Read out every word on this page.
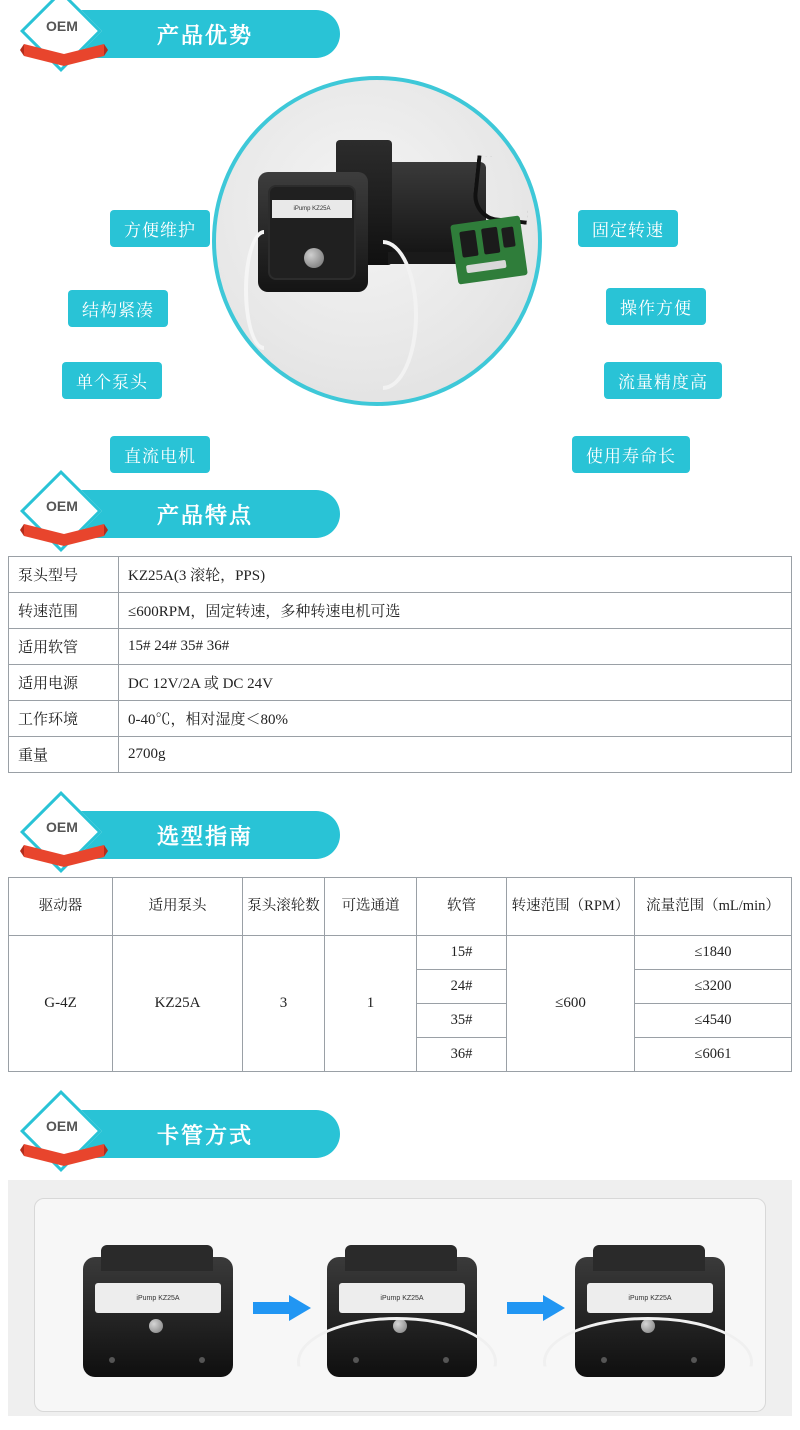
产品优势
OEM
iPump KZ25A
方便维护
结构紧凑
单个泵头
直流电机
固定转速
操作方便
流量精度高
使用寿命长
产品特点
OEM
泵头型号	KZ25A(3 滚轮，PPS)
转速范围	≤600RPM，固定转速，多种转速电机可选
适用软管	15# 24# 35# 36#
适用电源	DC 12V/2A 或 DC 24V
工作环境	0-40℃，相对湿度＜80%
重量	2700g
选型指南
OEM
驱动器	适用泵头	泵头滚轮数	可选通道	软管	转速范围（RPM）	流量范围（mL/min）
G-4Z	KZ25A	3	1	15#	≤600	≤1840
				24#		≤3200
				35#		≤4540
				36#		≤6061
卡管方式
OEM
iPump KZ25A	iPump KZ25A	iPump KZ25A
